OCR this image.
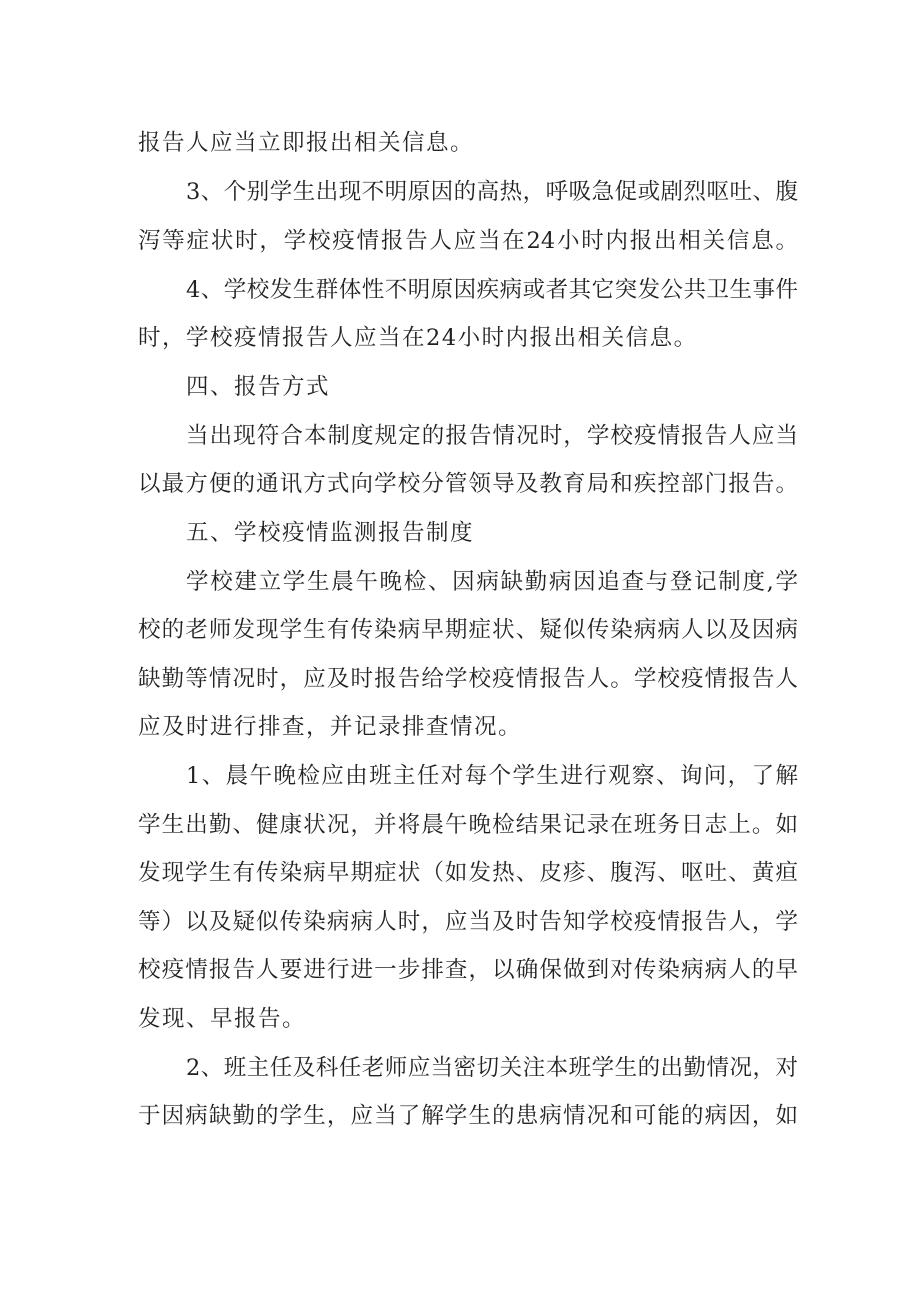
报告人应当立即报出相关信息。
3、个别学生出现不明原因的高热，呼吸急促或剧烈呕吐、腹
泻等症状时，学校疫情报告人应当在24小时内报出相关信息。
4、学校发生群体性不明原因疾病或者其它突发公共卫生事件
时，学校疫情报告人应当在24小时内报出相关信息。
四、报告方式
当出现符合本制度规定的报告情况时，学校疫情报告人应当
以最方便的通讯方式向学校分管领导及教育局和疾控部门报告。
五、学校疫情监测报告制度
学校建立学生晨午晚检、因病缺勤病因追查与登记制度,学
校的老师发现学生有传染病早期症状、疑似传染病病人以及因病
缺勤等情况时，应及时报告给学校疫情报告人。学校疫情报告人
应及时进行排查，并记录排查情况。
1、晨午晚检应由班主任对每个学生进行观察、询问，了解
学生出勤、健康状况，并将晨午晚检结果记录在班务日志上。如
发现学生有传染病早期症状（如发热、皮疹、腹泻、呕吐、黄疸
等）以及疑似传染病病人时，应当及时告知学校疫情报告人，学
校疫情报告人要进行进一步排查，以确保做到对传染病病人的早
发现、早报告。
2、班主任及科任老师应当密切关注本班学生的出勤情况，对
于因病缺勤的学生，应当了解学生的患病情况和可能的病因，如
